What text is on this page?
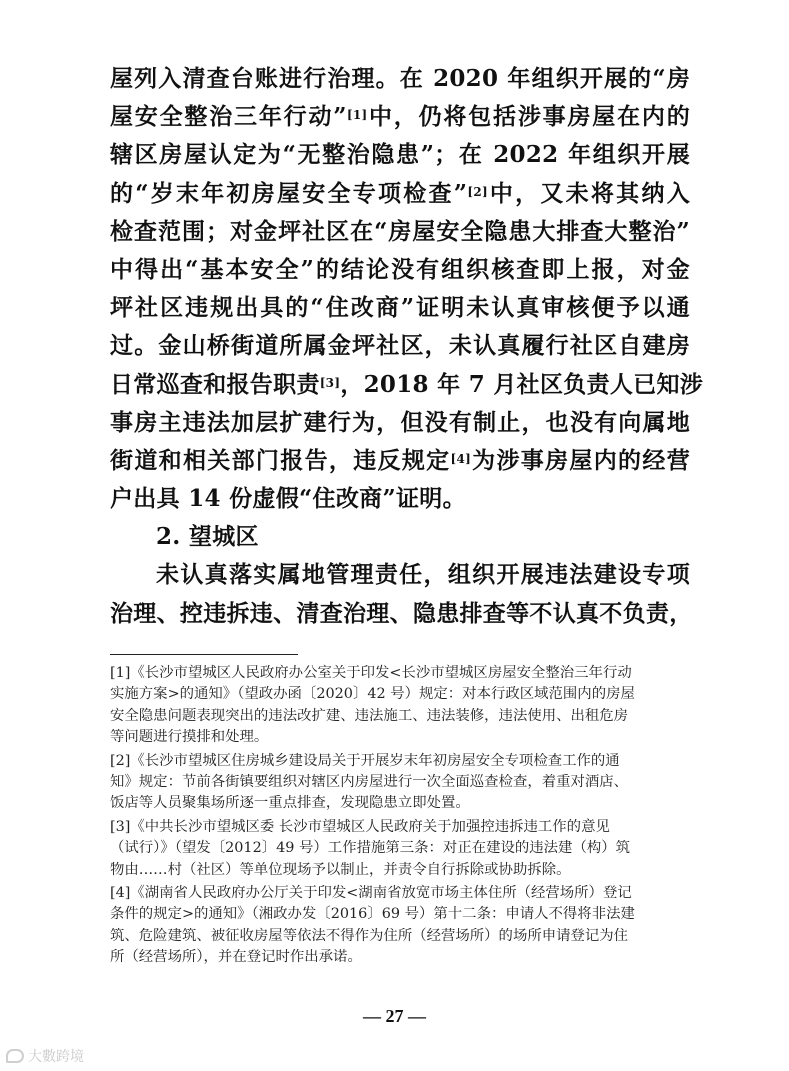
屋列入清查台账进行治理。在 2020 年组织开展的“房
屋安全整治三年行动”[1]中，仍将包括涉事房屋在内的
辖区房屋认定为“无整治隐患”；在 2022 年组织开展
的“岁末年初房屋安全专项检查”[2]中，又未将其纳入
检查范围；对金坪社区在“房屋安全隐患大排查大整治”
中得出“基本安全”的结论没有组织核查即上报，对金
坪社区违规出具的“住改商”证明未认真审核便予以通
过。金山桥街道所属金坪社区，未认真履行社区自建房
日常巡查和报告职责[3]，2018 年 7 月社区负责人已知涉
事房主违法加层扩建行为，但没有制止，也没有向属地
街道和相关部门报告，违反规定[4]为涉事房屋内的经营
户出具 14 份虚假“住改商”证明。
2. 望城区
未认真落实属地管理责任，组织开展违法建设专项
治理、控违拆违、清查治理、隐患排查等不认真不负责，
[1]《长沙市望城区人民政府办公室关于印发<长沙市望城区房屋安全整治三年行动
实施方案>的通知》（望政办函〔2020〕42 号）规定：对本行政区域范围内的房屋
安全隐患问题表现突出的违法改扩建、违法施工、违法装修，违法使用、出租危房
等问题进行摸排和处理。
[2]《长沙市望城区住房城乡建设局关于开展岁末年初房屋安全专项检查工作的通
知》规定：节前各街镇要组织对辖区内房屋进行一次全面巡查检查，着重对酒店、
饭店等人员聚集场所逐一重点排查，发现隐患立即处置。
[3]《中共长沙市望城区委 长沙市望城区人民政府关于加强控违拆违工作的意见
（试行）》（望发〔2012〕49 号）工作措施第三条：对正在建设的违法建（构）筑
物由……村（社区）等单位现场予以制止，并责令自行拆除或协助拆除。
[4]《湖南省人民政府办公厅关于印发<湖南省放宽市场主体住所（经营场所）登记
条件的规定>的通知》（湘政办发〔2016〕69 号）第十二条：申请人不得将非法建
筑、危险建筑、被征收房屋等依法不得作为住所（经营场所）的场所申请登记为住
所（经营场所），并在登记时作出承诺。
— 27 —
大數跨境
